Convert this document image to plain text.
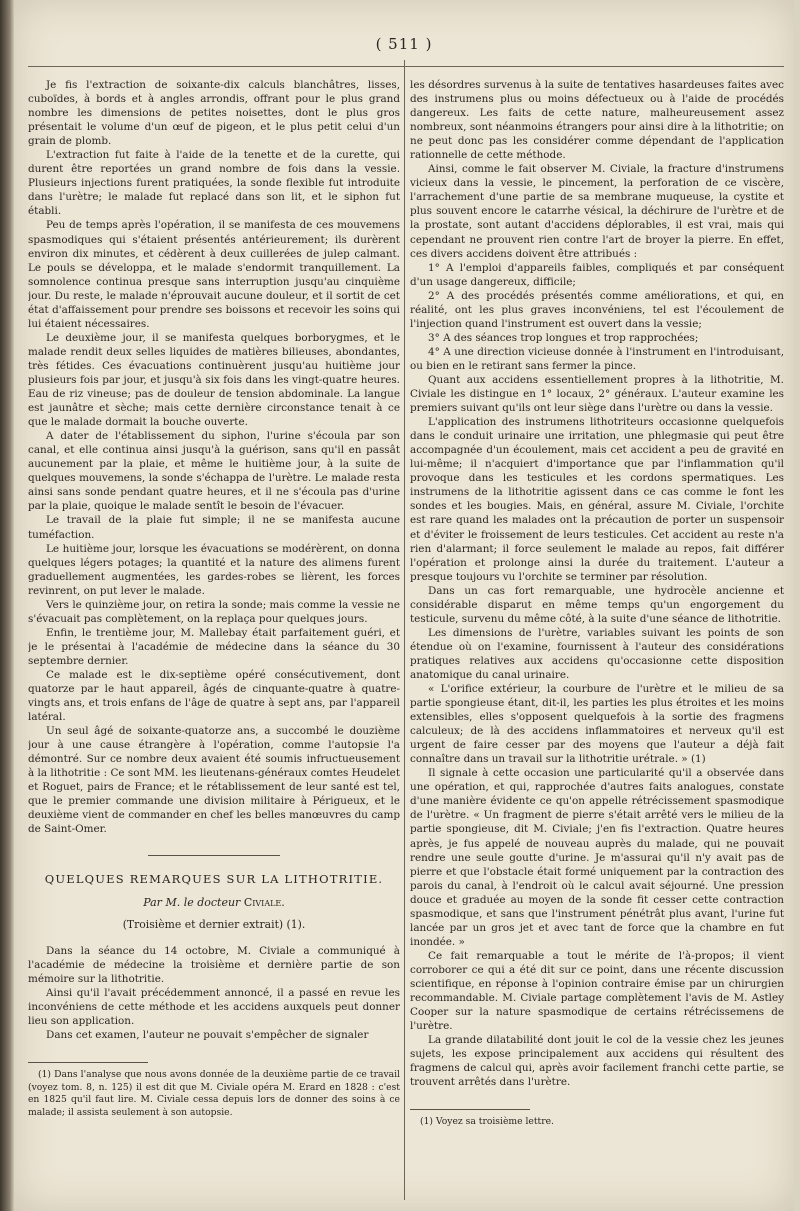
( 511 )

Je fis l'extraction de soixante-dix calculs blanchâtres, lisses, cuboïdes, à bords et à angles arrondis, offrant pour le plus grand nombre les dimensions de petites noisettes, dont le plus gros présentait le volume d'un œuf de pigeon, et le plus petit celui d'un grain de plomb.

L'extraction fut faite à l'aide de la tenette et de la curette, qui durent être reportées un grand nombre de fois dans la vessie. Plusieurs injections furent pratiquées, la sonde flexible fut introduite dans l'urètre; le malade fut replacé dans son lit, et le siphon fut établi.

Peu de temps après l'opération, il se manifesta de ces mouvemens spasmodiques qui s'étaient présentés antérieurement; ils durèrent environ dix minutes, et cédèrent à deux cuillerées de julep calmant. Le pouls se développa, et le malade s'endormit tranquillement. La somnolence continua presque sans interruption jusqu'au cinquième jour. Du reste, le malade n'éprouvait aucune douleur, et il sortit de cet état d'affaissement pour prendre ses boissons et recevoir les soins qui lui étaient nécessaires.

Le deuxième jour, il se manifesta quelques borborygmes, et le malade rendit deux selles liquides de matières bilieuses, abondantes, très fétides. Ces évacuations continuèrent jusqu'au huitième jour plusieurs fois par jour, et jusqu'à six fois dans les vingt-quatre heures. Eau de riz vineuse; pas de douleur de tension abdominale. La langue est jaunâtre et sèche; mais cette dernière circonstance tenait à ce que le malade dormait la bouche ouverte.

A dater de l'établissement du siphon, l'urine s'écoula par son canal, et elle continua ainsi jusqu'à la guérison, sans qu'il en passât aucunement par la plaie, et même le huitième jour, à la suite de quelques mouvemens, la sonde s'échappa de l'urètre. Le malade resta ainsi sans sonde pendant quatre heures, et il ne s'écoula pas d'urine par la plaie, quoique le malade sentît le besoin de l'évacuer.

Le travail de la plaie fut simple; il ne se manifesta aucune tuméfaction.

Le huitième jour, lorsque les évacuations se modérèrent, on donna quelques légers potages; la quantité et la nature des alimens furent graduellement augmentées, les gardes-robes se lièrent, les forces revinrent, on put lever le malade.

Vers le quinzième jour, on retira la sonde; mais comme la vessie ne s'évacuait pas complètement, on la replaça pour quelques jours.

Enfin, le trentième jour, M. Mallebay était parfaitement guéri, et je le présentai à l'académie de médecine dans la séance du 30 septembre dernier.

Ce malade est le dix-septième opéré consécutivement, dont quatorze par le haut appareil, âgés de cinquante-quatre à quatre-vingts ans, et trois enfans de l'âge de quatre à sept ans, par l'appareil latéral.

Un seul âgé de soixante-quatorze ans, a succombé le douzième jour à une cause étrangère à l'opération, comme l'autopsie l'a démontré. Sur ce nombre deux avaient été soumis infructueusement à la lithotritie : Ce sont MM. les lieutenans-généraux comtes Heudelet et Roguet, pairs de France; et le rétablissement de leur santé est tel, que le premier commande une division militaire à Périgueux, et le deuxième vient de commander en chef les belles manœuvres du camp de Saint-Omer.

QUELQUES REMARQUES SUR LA LITHOTRITIE.
Par M. le docteur Civiale.
(Troisième et dernier extrait) (1).

Dans la séance du 14 octobre, M. Civiale a communiqué à l'académie de médecine la troisième et dernière partie de son mémoire sur la lithotritie.

Ainsi qu'il l'avait précédemment annoncé, il a passé en revue les inconvéniens de cette méthode et les accidens auxquels peut donner lieu son application.

Dans cet examen, l'auteur ne pouvait s'empêcher de signaler

(1) Dans l'analyse que nous avons donnée de la deuxième partie de ce travail (voyez tom. 8, n. 125) il est dit que M. Civiale opéra M. Erard en 1828 : c'est en 1825 qu'il faut lire. M. Civiale cessa depuis lors de donner des soins à ce malade; il assista seulement à son autopsie.

les désordres survenus à la suite de tentatives hasardeuses faites avec des instrumens plus ou moins défectueux ou à l'aide de procédés dangereux. Les faits de cette nature, malheureusement assez nombreux, sont néanmoins étrangers pour ainsi dire à la lithotritie; on ne peut donc pas les considérer comme dépendant de l'application rationnelle de cette méthode.

Ainsi, comme le fait observer M. Civiale, la fracture d'instrumens vicieux dans la vessie, le pincement, la perforation de ce viscère, l'arrachement d'une partie de sa membrane muqueuse, la cystite et plus souvent encore le catarrhe vésical, la déchirure de l'urètre et de la prostate, sont autant d'accidens déplorables, il est vrai, mais qui cependant ne prouvent rien contre l'art de broyer la pierre. En effet, ces divers accidens doivent être attribués :

1° A l'emploi d'appareils faibles, compliqués et par conséquent d'un usage dangereux, difficile;

2° A des procédés présentés comme améliorations, et qui, en réalité, ont les plus graves inconvéniens, tel est l'écoulement de l'injection quand l'instrument est ouvert dans la vessie;

3° A des séances trop longues et trop rapprochées;

4° A une direction vicieuse donnée à l'instrument en l'introduisant, ou bien en le retirant sans fermer la pince.

Quant aux accidens essentiellement propres à la lithotritie, M. Civiale les distingue en 1° locaux, 2° généraux. L'auteur examine les premiers suivant qu'ils ont leur siège dans l'urètre ou dans la vessie.

L'application des instrumens lithotriteurs occasionne quelquefois dans le conduit urinaire une irritation, une phlegmasie qui peut être accompagnée d'un écoulement, mais cet accident a peu de gravité en lui-même; il n'acquiert d'importance que par l'inflammation qu'il provoque dans les testicules et les cordons spermatiques. Les instrumens de la lithotritie agissent dans ce cas comme le font les sondes et les bougies. Mais, en général, assure M. Civiale, l'orchite est rare quand les malades ont la précaution de porter un suspensoir et d'éviter le froissement de leurs testicules. Cet accident au reste n'a rien d'alarmant; il force seulement le malade au repos, fait différer l'opération et prolonge ainsi la durée du traitement. L'auteur a presque toujours vu l'orchite se terminer par résolution.

Dans un cas fort remarquable, une hydrocèle ancienne et considérable disparut en même temps qu'un engorgement du testicule, survenu du même côté, à la suite d'une séance de lithotritie.

Les dimensions de l'urètre, variables suivant les points de son étendue où on l'examine, fournissent à l'auteur des considérations pratiques relatives aux accidens qu'occasionne cette disposition anatomique du canal urinaire.

« L'orifice extérieur, la courbure de l'urètre et le milieu de sa partie spongieuse étant, dit-il, les parties les plus étroites et les moins extensibles, elles s'opposent quelquefois à la sortie des fragmens calculeux; de là des accidens inflammatoires et nerveux qu'il est urgent de faire cesser par des moyens que l'auteur a déjà fait connaître dans un travail sur la lithotritie urétrale. » (1)

Il signale à cette occasion une particularité qu'il a observée dans une opération, et qui, rapprochée d'autres faits analogues, constate d'une manière évidente ce qu'on appelle rétrécissement spasmodique de l'urètre. « Un fragment de pierre s'était arrêté vers le milieu de la partie spongieuse, dit M. Civiale; j'en fis l'extraction. Quatre heures après, je fus appelé de nouveau auprès du malade, qui ne pouvait rendre une seule goutte d'urine. Je m'assurai qu'il n'y avait pas de pierre et que l'obstacle était formé uniquement par la contraction des parois du canal, à l'endroit où le calcul avait séjourné. Une pression douce et graduée au moyen de la sonde fit cesser cette contraction spasmodique, et sans que l'instrument pénétrât plus avant, l'urine fut lancée par un gros jet et avec tant de force que la chambre en fut inondée. »

Ce fait remarquable a tout le mérite de l'à-propos; il vient corroborer ce qui a été dit sur ce point, dans une récente discussion scientifique, en réponse à l'opinion contraire émise par un chirurgien recommandable. M. Civiale partage complètement l'avis de M. Astley Cooper sur la nature spasmodique de certains rétrécissemens de l'urètre.

La grande dilatabilité dont jouit le col de la vessie chez les jeunes sujets, les expose principalement aux accidens qui résultent des fragmens de calcul qui, après avoir facilement franchi cette partie, se trouvent arrêtés dans l'urètre.

(1) Voyez sa troisième lettre.
